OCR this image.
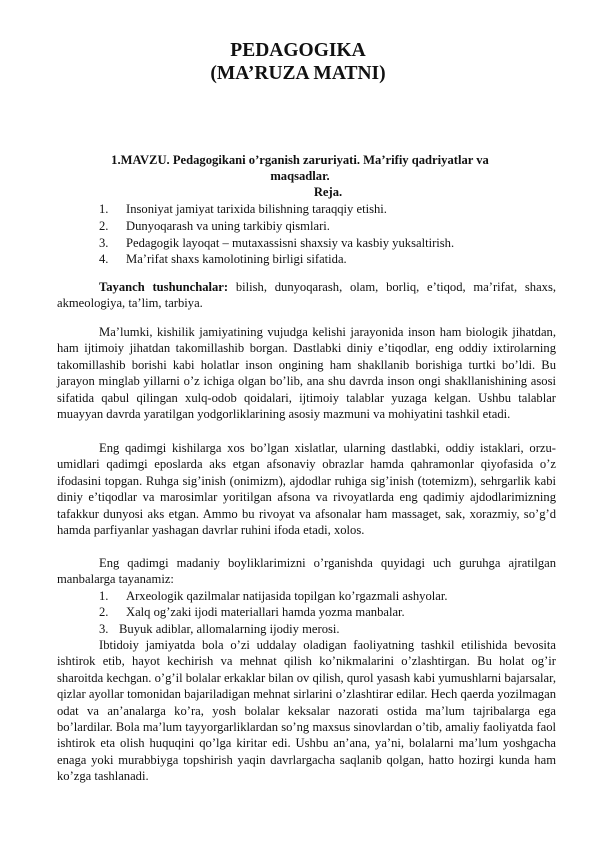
PEDAGOGIKA
(MA’RUZA MATNI)
1.MAVZU. Pedagogikani o’rganish zaruriyati. Ma’rifiy qadriyatlar va maqsadlar.
Reja.
1. Insoniyat jamiyat tarixida bilishning taraqqiy etishi.
2. Dunyoqarash va uning tarkibiy qismlari.
3. Pedagogik layoqat – mutaxassisni shaxsiy va kasbiy yuksaltirish.
4. Ma’rifat shaxs kamolotining birligi sifatida.

Tayanch tushunchalar: bilish, dunyoqarash, olam, borliq, e’tiqod, ma’rifat, shaxs, akmeologiya, ta’lim, tarbiya.

Ma’lumki, kishilik jamiyatining vujudga kelishi jarayonida inson ham biologik jihatdan, ham ijtimoiy jihatdan takomillashib borgan. Dastlabki diniy e’tiqodlar, eng oddiy ixtirolarning takomillashib borishi kabi holatlar inson ongining ham shakllanib borishiga turtki bo’ldi. Bu jarayon minglab yillarni o’z ichiga olgan bo’lib, ana shu davrda inson ongi shakllanishining asosi sifatida qabul qilingan xulq-odob qoidalari, ijtimoiy talablar yuzaga kelgan. Ushbu talablar muayyan davrda yaratilgan yodgorliklarining asosiy mazmuni va mohiyatini tashkil etadi.

Eng qadimgi kishilarga xos bo’lgan xislatlar, ularning dastlabki, oddiy istaklari, orzu-umidlari qadimgi eposlarda aks etgan afsonaviy obrazlar hamda qahramonlar qiyofasida o’z ifodasini topgan. Ruhga sig’inish (onimizm), ajdodlar ruhiga sig’inish (totemizm), sehrgarlik kabi diniy e’tiqodlar va marosimlar yoritilgan afsona va rivoyatlarda eng qadimiy ajdodlarimizning tafakkur dunyosi aks etgan. Ammo bu rivoyat va afsonalar ham massaget, sak, xorazmiy, so’g’d hamda parfiyanlar yashagan davrlar ruhini ifoda etadi, xolos.

Eng qadimgi madaniy boyliklarimizni o’rganishda quyidagi uch guruhga ajratilgan manbalarga tayanamiz:

1. Arxeologik qazilmalar natijasida topilgan ko’rgazmali ashyolar.
2. Xalq og’zaki ijodi materiallari hamda yozma manbalar.
3. Buyuk adiblar, allomalarning ijodiy merosi.

Ibtidoiy jamiyatda bola o’zi uddalay oladigan faoliyatning tashkil etilishida bevosita ishtirok etib, hayot kechirish va mehnat qilish ko’nikmalarini o’zlashtirgan. Bu holat og’ir sharoitda kechgan. o’g’il bolalar erkaklar bilan ov qilish, qurol yasash kabi yumushlarni bajarsalar, qizlar ayollar tomonidan bajariladigan mehnat sirlarini o’zlashtirar edilar. Hech qaerda yozilmagan odat va an’analarga ko’ra, yosh bolalar keksalar nazorati ostida ma’lum tajribalarga ega bo’lardilar. Bola ma’lum tayyorgarliklardan so’ng maxsus sinovlardan o’tib, amaliy faoliyatda faol ishtirok eta olish huquqini qo’lga kiritar edi. Ushbu an’ana, ya’ni, bolalarni ma’lum yoshgacha enaga yoki murabbiyga topshirish yaqin davrlargacha saqlanib qolgan, hatto hozirgi kunda ham ko’zga tashlanadi.
